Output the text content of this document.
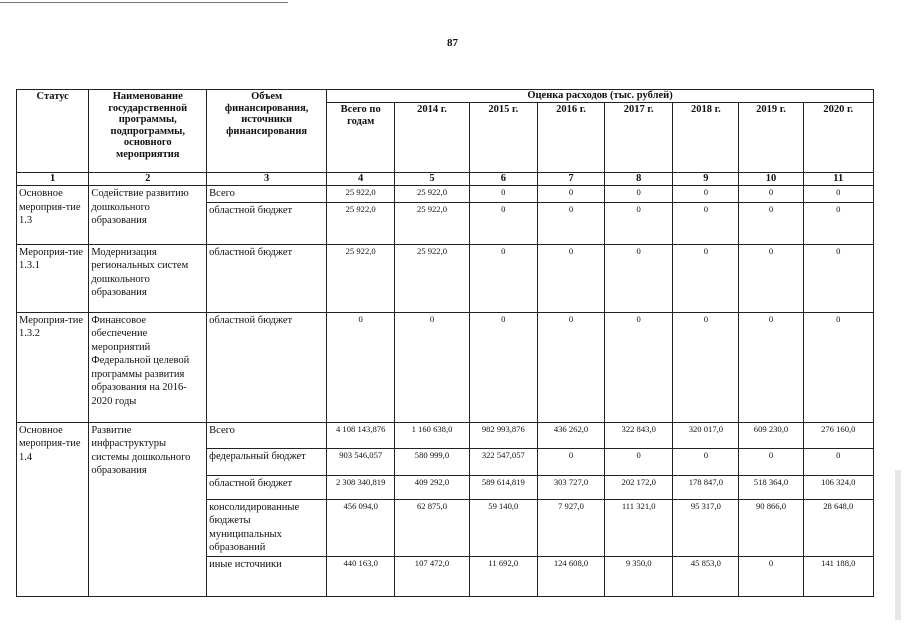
87
Статус	Наименование государственной программы, подпрограммы, основного мероприятия	Объем финансирования, источники финансирования	Оценка расходов (тыс. рублей)							
			Всего по годам	2014 г.	2015 г.	2016 г.	2017 г.	2018 г.	2019 г.	2020 г.
1	2	3	4	5	6	7	8	9	10	11
Основное мероприя-тие 1.3	Содействие развитию дошкольного образования	Всего	25 922,0	25 922,0	0	0	0	0	0	0
		областной бюджет	25 922,0	25 922,0	0	0	0	0	0	0
Мероприя-тие 1.3.1	Модернизация региональных систем дошкольного образования	областной бюджет	25 922,0	25 922,0	0	0	0	0	0	0
Мероприя-тие 1.3.2	Финансовое обеспечение мероприятий Федеральной целевой программы развития образования на 2016-2020 годы	областной бюджет	0	0	0	0	0	0	0	0
Основное мероприя-тие 1.4	Развитие инфраструктуры системы дошкольного образования	Всего	4 108 143,876	1 160 638,0	982 993,876	436 262,0	322 843,0	320 017,0	609 230,0	276 160,0
		федеральный бюджет	903 546,057	580 999,0	322 547,057	0	0	0	0	0
		областной бюджет	2 308 340,819	409 292,0	589 614,819	303 727,0	202 172,0	178 847,0	518 364,0	106 324,0
		консолидированные бюджеты муниципальных образований	456 094,0	62 875,0	59 140,0	7 927,0	111 321,0	95 317,0	90 866,0	28 648,0
		иные источники	440 163,0	107 472,0	11 692,0	124 608,0	9 350,0	45 853,0	0	141 188,0
